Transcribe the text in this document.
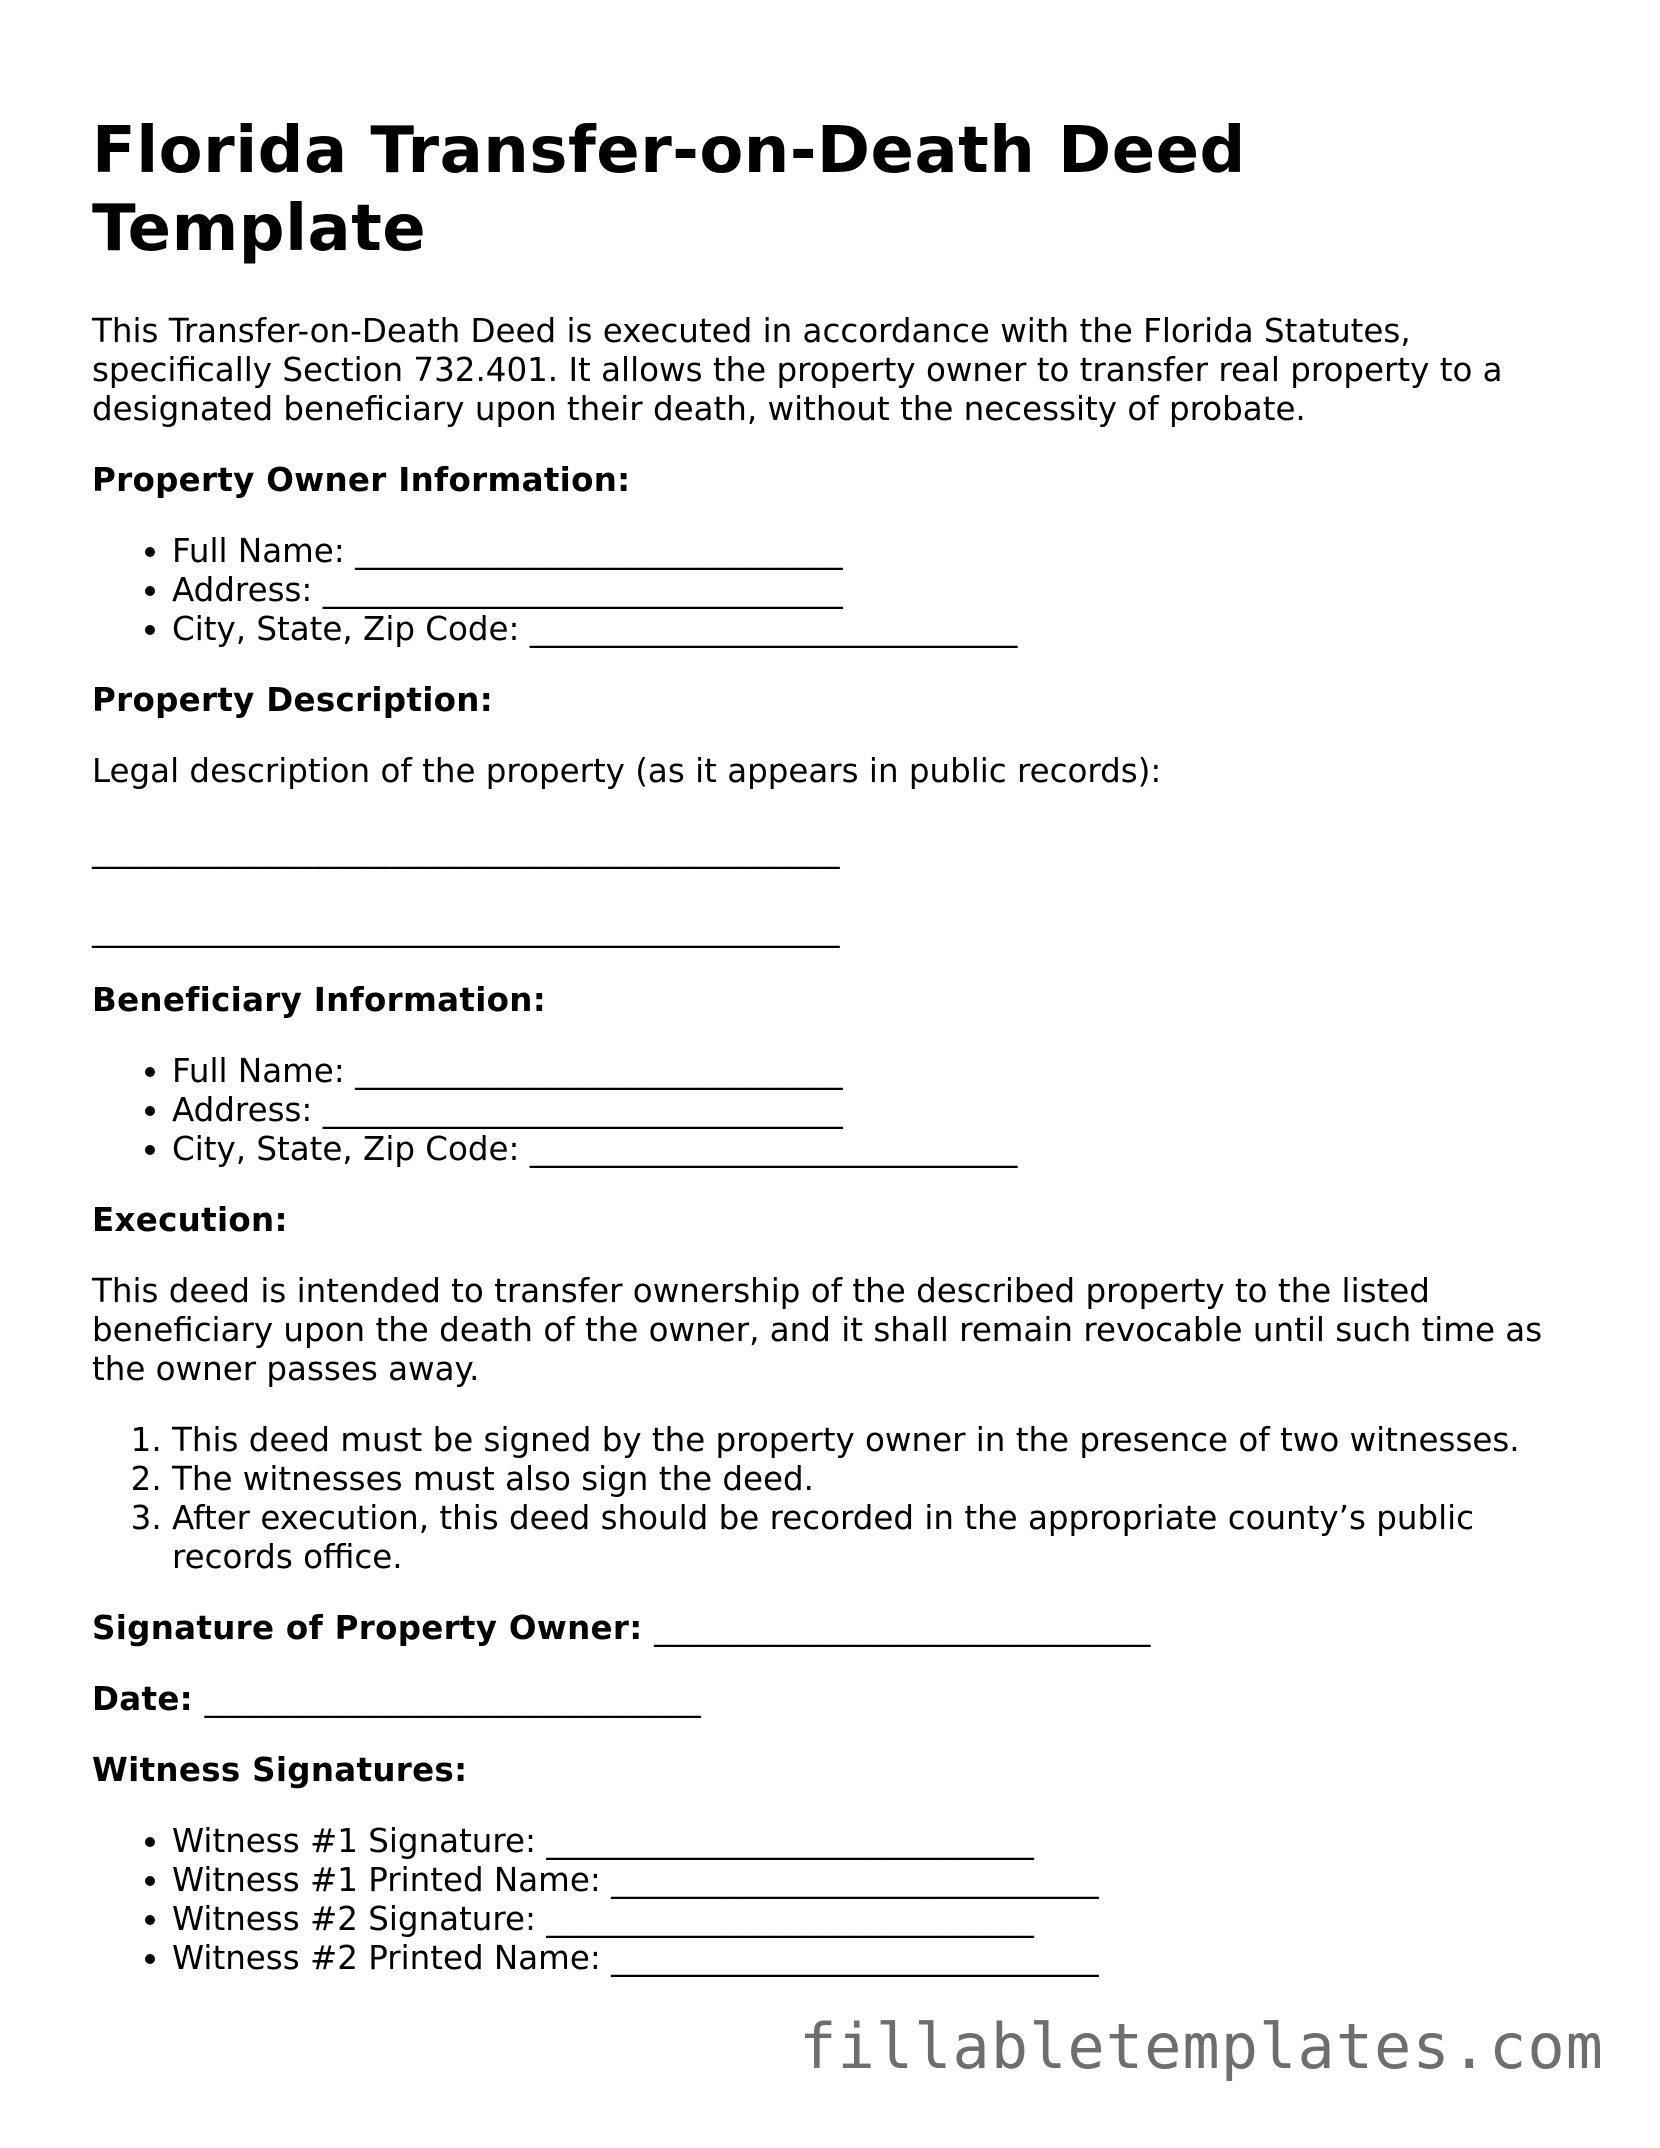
Florida Transfer-on-Death Deed Template

This Transfer-on-Death Deed is executed in accordance with the Florida Statutes, specifically Section 732.401. It allows the property owner to transfer real property to a designated beneficiary upon their death, without the necessity of probate.

Property Owner Information:
• Full Name: ______________________________
• Address: ________________________________
• City, State, Zip Code: ______________________________
Property Description:

Legal description of the property (as it appears in public records):

______________________________________________
______________________________________________
Beneficiary Information:
• Full Name: ______________________________
• Address: ________________________________
• City, State, Zip Code: ______________________________
Execution:

This deed is intended to transfer ownership of the described property to the listed beneficiary upon the death of the owner, and it shall remain revocable until such time as the owner passes away.

1. This deed must be signed by the property owner in the presence of two witnesses.
2. The witnesses must also sign the deed.
3. After execution, this deed should be recorded in the appropriate county’s public records office.
Signature of Property Owner: ______________________________
Date: ______________________________
Witness Signatures:
• Witness #1 Signature: ______________________________
• Witness #1 Printed Name: ______________________________
• Witness #2 Signature: ______________________________
• Witness #2 Printed Name: ______________________________
fillabletemplates.com
